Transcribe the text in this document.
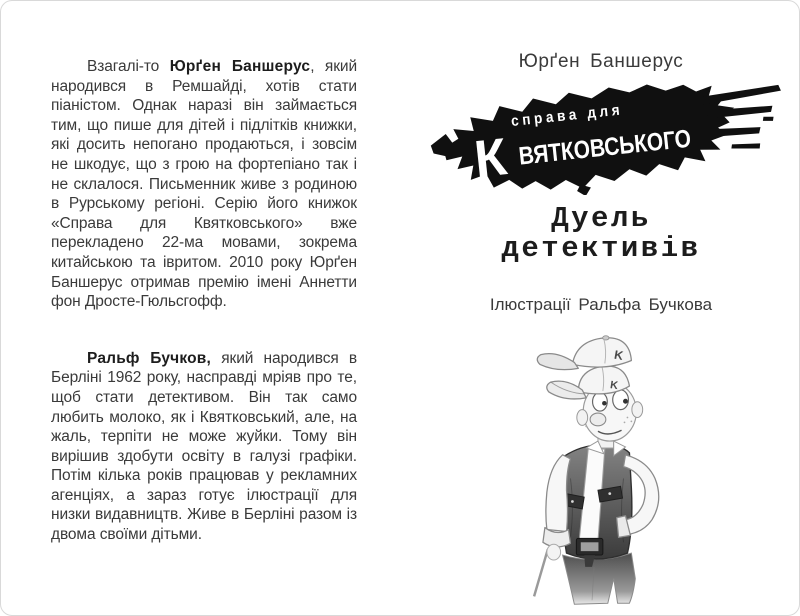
Взагалі-то Юрґен Баншерус, який народився в Ремшайді, хотів стати піаністом. Однак наразі він займається тим, що пише для дітей і підлітків книжки, які досить непогано продаються, і зовсім не шкодує, що з грою на фортепіано так і не склалося. Письменник живе з родиною в Рурському регіоні. Серію його книжок «Справа для Квятковського» вже перекладено 22-ма мовами, зокрема китайською та івритом. 2010 року Юрґен Баншерус отримав премію імені Аннетти фон Дросте-Гюльсгофф.

Ральф Бучков, який народився в Берліні 1962 року, насправді мріяв про те, щоб стати детективом. Він так само любить молоко, як і Квятковський, але, на жаль, терпіти не може жуйки. Тому він вирішив здобути освіту в галузі графіки. Потім кілька років працював у рекламних агенціях, а зараз готує ілюстрації для низки видавництв. Живе в Берліні разом із двома своїми дітьми.

Юрґен Баншерус
справа для
К ВЯТКОВСЬКОГО
Дуель
детективів
Ілюстрації Ральфа Бучкова
K
K
